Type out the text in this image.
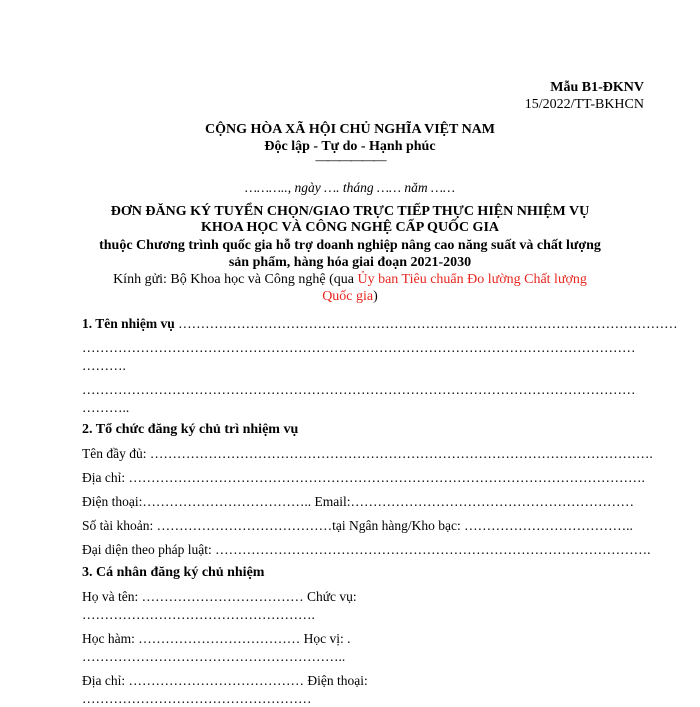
Mẫu B1-ĐKNV
15/2022/TT-BKHCN
CỘNG HÒA XÃ HỘI CHỦ NGHĨA VIỆT NAM
Độc lập - Tự do - Hạnh phúc
——————
……….., ngày …. tháng …… năm ……
ĐƠN ĐĂNG KÝ TUYỂN CHỌN/GIAO TRỰC TIẾP THỰC HIỆN NHIỆM VỤ
KHOA HỌC VÀ CÔNG NGHỆ CẤP QUỐC GIA
thuộc Chương trình quốc gia hỗ trợ doanh nghiệp nâng cao năng suất và chất lượng
sản phẩm, hàng hóa giai đoạn 2021-2030
Kính gửi: Bộ Khoa học và Công nghệ (qua Ủy ban Tiêu chuẩn Đo lường Chất lượng
Quốc gia)
1. Tên nhiệm vụ …………………………………………………………………………………………………
……………………………………………………………………………………………………………
……….
……………………………………………………………………………………………………………
………..
2. Tổ chức đăng ký chủ trì nhiệm vụ
Tên đầy đủ: ………………………………………………………………………………………………….
Địa chỉ: …………………………………………………………………………………………………….
Điện thoại:……………………………….. Email:………………………………………………………
Số tài khoản: …………………………………tại Ngân hàng/Kho bạc: ………………………………..
Đại diện theo pháp luật: …………………………………………………………………………………….
3. Cá nhân đăng ký chủ nhiệm
Họ và tên: ……………………………… Chức vụ:
…………………………………………….
Học hàm: ……………………………… Học vị: .
…………………………………………………..
Địa chỉ: ………………………………… Điện thoại:
……………………………………………
